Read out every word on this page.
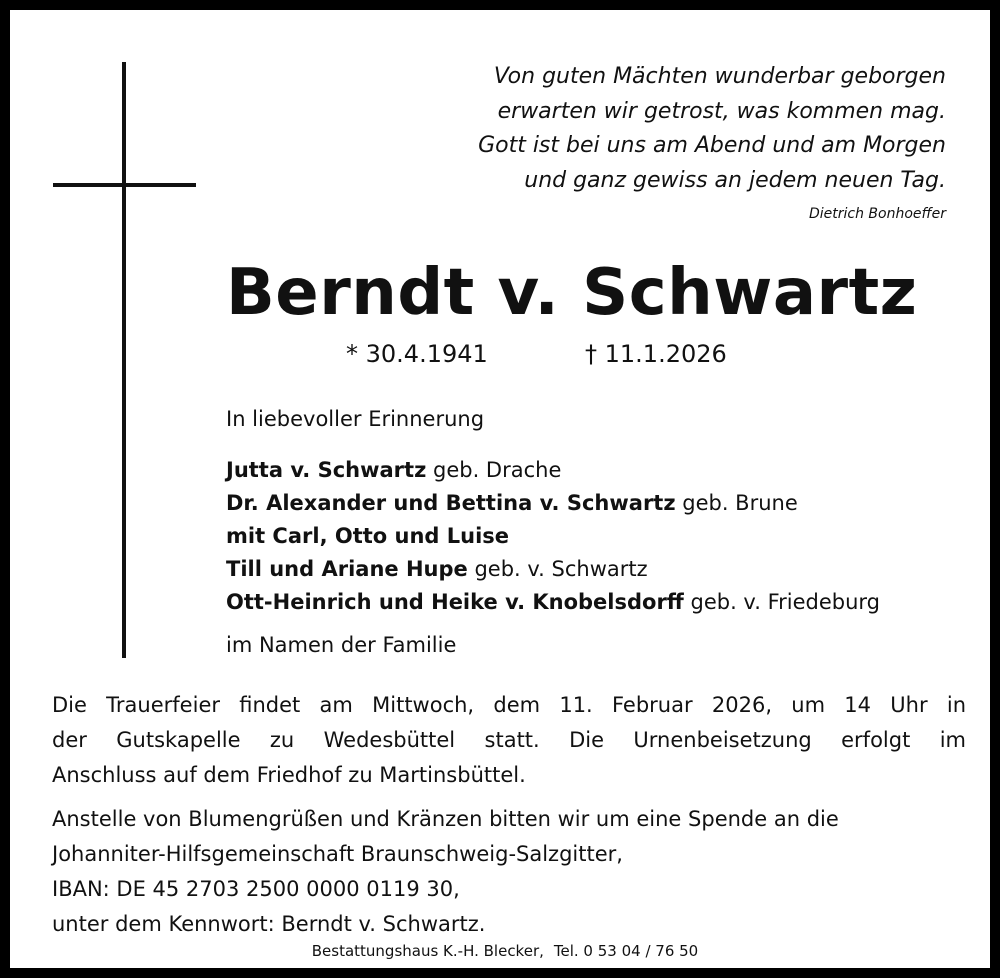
Von guten Mächten wunderbar geborgen
erwarten wir getrost, was kommen mag.
Gott ist bei uns am Abend und am Morgen
und ganz gewiss an jedem neuen Tag.
Dietrich Bonhoeffer
Berndt v. Schwartz
* 30.4.1941	† 11.1.2026
In liebevoller Erinnerung
Jutta v. Schwartz geb. Drache
Dr. Alexander und Bettina v. Schwartz geb. Brune
mit Carl, Otto und Luise
Till und Ariane Hupe geb. v. Schwartz
Ott-Heinrich und Heike v. Knobelsdorff geb. v. Friedeburg
im Namen der Familie
Die Trauerfeier findet am Mittwoch, dem 11. Februar 2026, um 14 Uhr in
der Gutskapelle zu Wedesbüttel statt. Die Urnenbeisetzung erfolgt im
Anschluss auf dem Friedhof zu Martinsbüttel.
Anstelle von Blumengrüßen und Kränzen bitten wir um eine Spende an die
Johanniter-Hilfsgemeinschaft Braunschweig-Salzgitter,
IBAN: DE 45 2703 2500 0000 0119 30,
unter dem Kennwort: Berndt v. Schwartz.
Bestattungshaus K.-H. Blecker, Tel. 0 53 04 / 76 50
